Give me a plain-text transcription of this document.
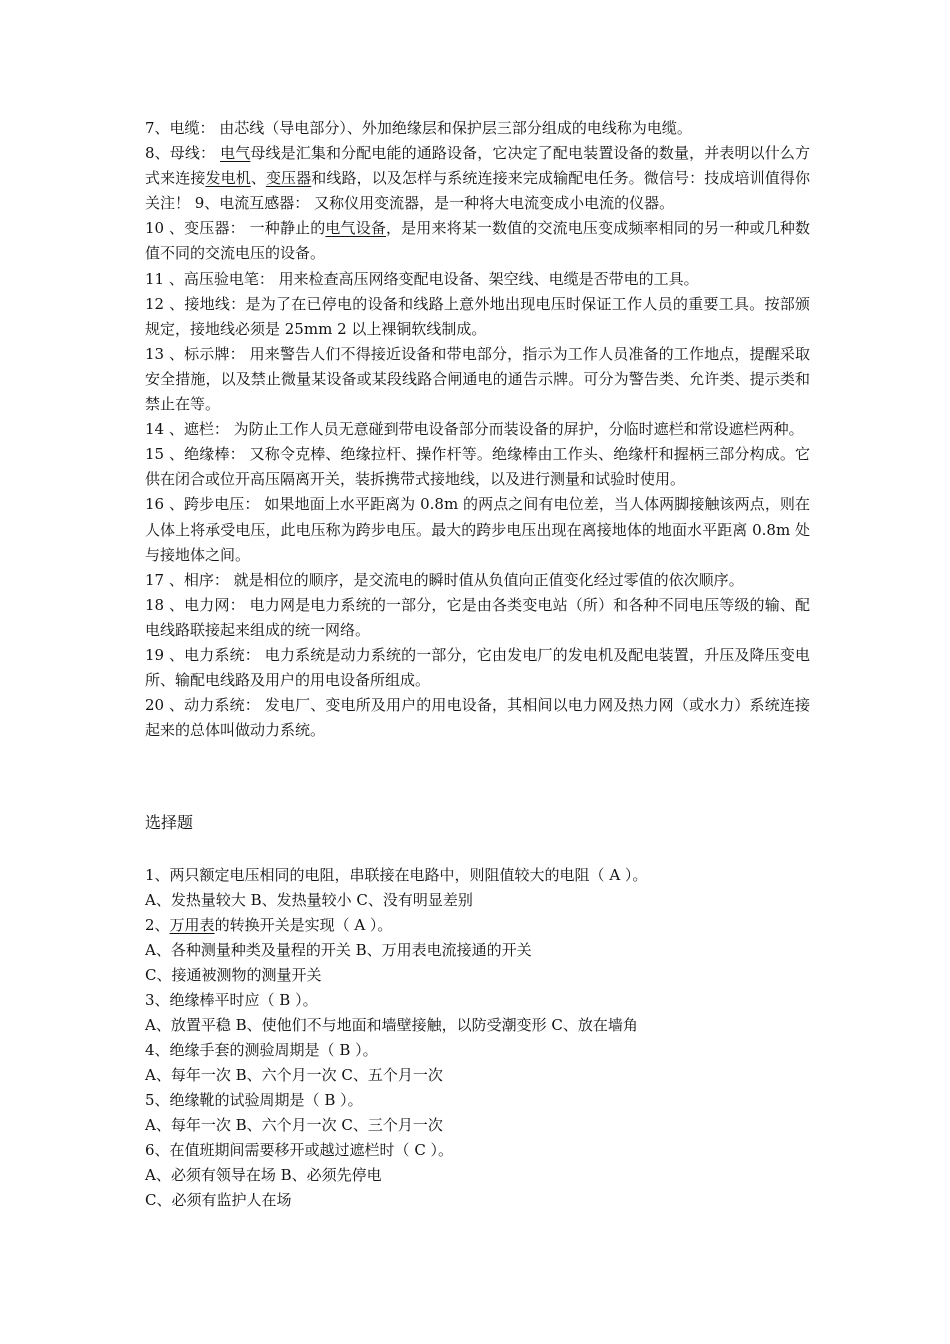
7、电缆： 由芯线（导电部分）、外加绝缘层和保护层三部分组成的电线称为电缆。

8、母线： 电气母线是汇集和分配电能的通路设备，它决定了配电装置设备的数量，并表明以什么方式来连接发电机、变压器和线路，以及怎样与系统连接来完成输配电任务。微信号：技成培训值得你关注！ 9、电流互感器： 又称仪用变流器，是一种将大电流变成小电流的仪器。

10 、变压器： 一种静止的电气设备，是用来将某一数值的交流电压变成频率相同的另一种或几种数值不同的交流电压的设备。

11 、高压验电笔： 用来检查高压网络变配电设备、架空线、电缆是否带电的工具。

12 、接地线：是为了在已停电的设备和线路上意外地出现电压时保证工作人员的重要工具。按部颁规定，接地线必须是 25mm 2 以上裸铜软线制成。

13 、标示牌： 用来警告人们不得接近设备和带电部分，指示为工作人员准备的工作地点，提醒采取安全措施，以及禁止微量某设备或某段线路合闸通电的通告示牌。可分为警告类、允许类、提示类和禁止在等。

14 、遮栏： 为防止工作人员无意碰到带电设备部分而装设备的屏护，分临时遮栏和常设遮栏两种。

15 、绝缘棒： 又称令克棒、绝缘拉杆、操作杆等。绝缘棒由工作头、绝缘杆和握柄三部分构成。它供在闭合或位开高压隔离开关，装拆携带式接地线，以及进行测量和试验时使用。

16 、跨步电压： 如果地面上水平距离为 0.8m 的两点之间有电位差，当人体两脚接触该两点，则在人体上将承受电压，此电压称为跨步电压。最大的跨步电压出现在离接地体的地面水平距离 0.8m 处与接地体之间。

17 、相序： 就是相位的顺序，是交流电的瞬时值从负值向正值变化经过零值的依次顺序。

18 、电力网： 电力网是电力系统的一部分，它是由各类变电站（所）和各种不同电压等级的输、配电线路联接起来组成的统一网络。

19 、电力系统： 电力系统是动力系统的一部分，它由发电厂的发电机及配电装置，升压及降压变电所、输配电线路及用户的用电设备所组成。

20 、动力系统： 发电厂、变电所及用户的用电设备，其相间以电力网及热力网（或水力）系统连接起来的总体叫做动力系统。

选择题

1、两只额定电压相同的电阻，串联接在电路中，则阻值较大的电阻（ A ）。

A、发热量较大 B、发热量较小 C、没有明显差别

2、万用表的转换开关是实现（ A ）。

A、各种测量种类及量程的开关 B、万用表电流接通的开关

C、接通被测物的测量开关

3、绝缘棒平时应（ B ）。

A、放置平稳 B、使他们不与地面和墙壁接触，以防受潮变形 C、放在墙角

4、绝缘手套的测验周期是（ B ）。

A、每年一次 B、六个月一次 C、五个月一次

5、绝缘靴的试验周期是（ B ）。

A、每年一次 B、六个月一次 C、三个月一次

6、在值班期间需要移开或越过遮栏时（ C ）。

A、必须有领导在场 B、必须先停电

C、必须有监护人在场
